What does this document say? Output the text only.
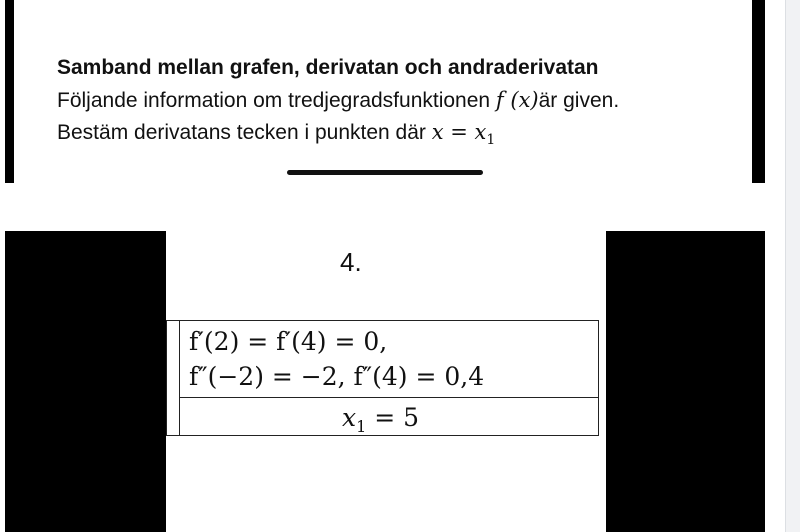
Samband mellan grafen, derivatan och andraderivatan
Följande information om tredjegradsfunktionen f (x)är given.
Bestäm derivatans tecken i punkten där $x = x_1$
4.
f′(2) = f′(4) = 0,
f″(−2) = −2, f″(4) = 0,4
$x_1 = 5$
